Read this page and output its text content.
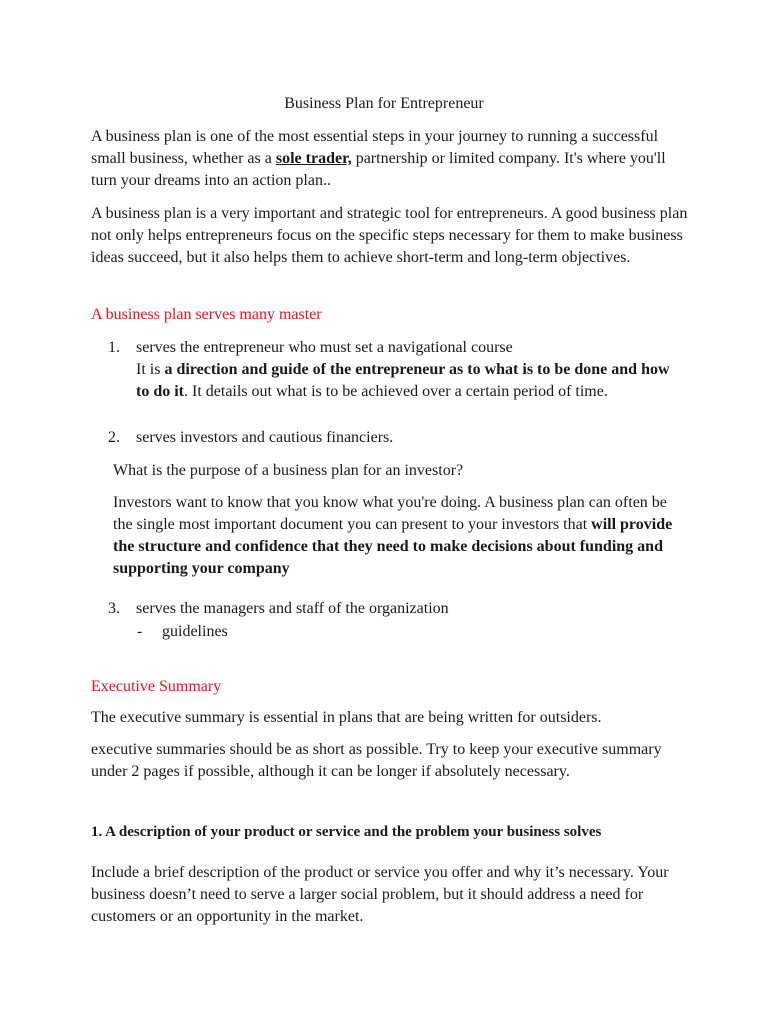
Business Plan for Entrepreneur

A business plan is one of the most essential steps in your journey to running a successful small business, whether as a sole trader, partnership or limited company. It's where you'll turn your dreams into an action plan..

A business plan is a very important and strategic tool for entrepreneurs. A good business plan not only helps entrepreneurs focus on the specific steps necessary for them to make business ideas succeed, but it also helps them to achieve short-term and long-term objectives.

A business plan serves many master

1. serves the entrepreneur who must set a navigational course

It is a direction and guide of the entrepreneur as to what is to be done and how to do it. It details out what is to be achieved over a certain period of time.

2. serves investors and cautious financiers.

What is the purpose of a business plan for an investor?

Investors want to know that you know what you're doing. A business plan can often be the single most important document you can present to your investors that will provide the structure and confidence that they need to make decisions about funding and supporting your company

3. serves the managers and staff of the organization
- guidelines

Executive Summary

The executive summary is essential in plans that are being written for outsiders.

executive summaries should be as short as possible. Try to keep your executive summary under 2 pages if possible, although it can be longer if absolutely necessary.

1. A description of your product or service and the problem your business solves

Include a brief description of the product or service you offer and why it’s necessary. Your business doesn’t need to serve a larger social problem, but it should address a need for customers or an opportunity in the market.
